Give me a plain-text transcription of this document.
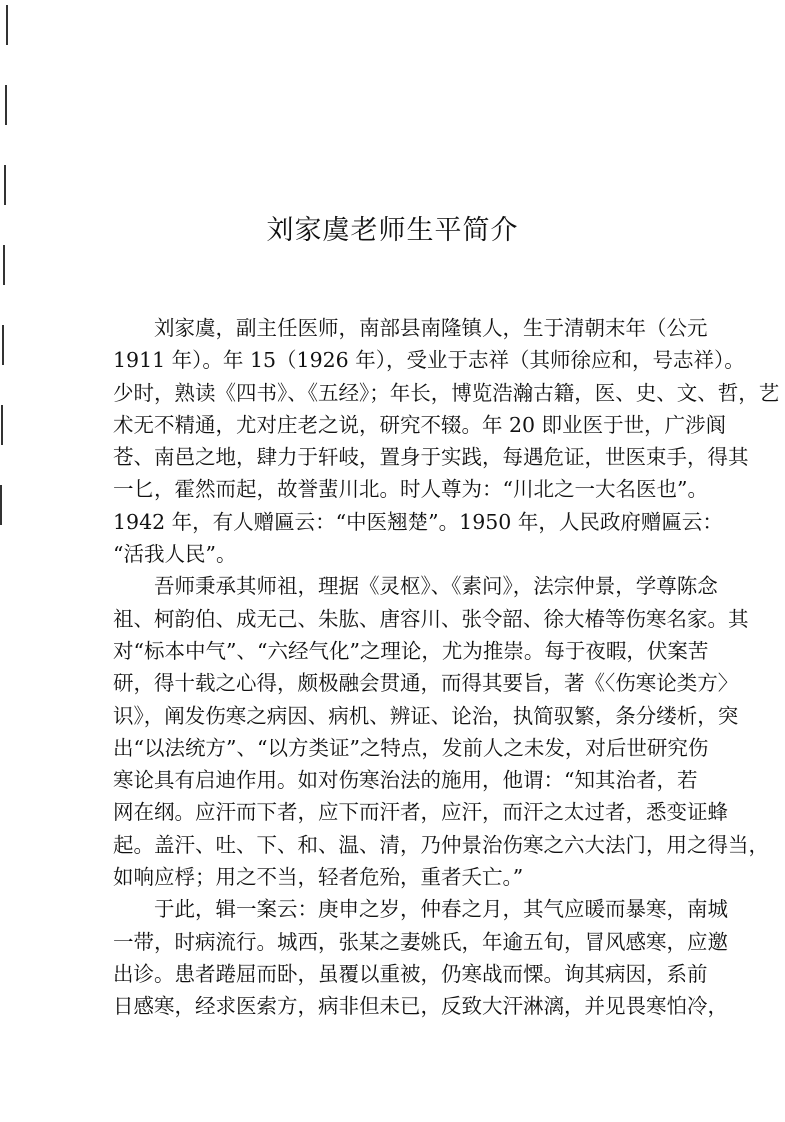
刘家虞老师生平简介
　　刘家虞，副主任医师，南部县南隆镇人，生于清朝末年（公元
1911 年）。年 15（1926 年），受业于志祥（其师徐应和，号志祥）。
少时，熟读《四书》、《五经》；年长，博览浩瀚古籍，医、史、文、哲，艺
术无不精通，尤对庄老之说，研究不辍。年 20 即业医于世，广涉阆
苍、南邑之地，肆力于轩岐，置身于实践，每遇危证，世医束手，得其
一匕，霍然而起，故誉蜚川北。时人尊为：“川北之一大名医也”。
1942 年，有人赠匾云：“中医翘楚”。1950 年，人民政府赠匾云：
“活我人民”。
　　吾师秉承其师祖，理据《灵枢》、《素问》，法宗仲景，学尊陈念
祖、柯韵伯、成无己、朱肱、唐容川、张令韶、徐大椿等伤寒名家。其
对“标本中气”、“六经气化”之理论，尤为推崇。每于夜暇，伏案苦
研，得十载之心得，颇极融会贯通，而得其要旨，著《〈伤寒论类方〉
识》，阐发伤寒之病因、病机、辨证、论治，执简驭繁，条分缕析，突
出“以法统方”、“以方类证”之特点，发前人之未发，对后世研究伤
寒论具有启迪作用。如对伤寒治法的施用，他谓：“知其治者，若
网在纲。应汗而下者，应下而汗者，应汗，而汗之太过者，悉变证蜂
起。盖汗、吐、下、和、温、清，乃仲景治伤寒之六大法门，用之得当，
如响应桴；用之不当，轻者危殆，重者夭亡。”
　　于此，辑一案云：庚申之岁，仲春之月，其气应暖而暴寒，南城
一带，时病流行。城西，张某之妻姚氏，年逾五旬，冒风感寒，应邀
出诊。患者踡屈而卧，虽覆以重被，仍寒战而慄。询其病因，系前
日感寒，经求医索方，病非但未已，反致大汗淋漓，并见畏寒怕冷，
